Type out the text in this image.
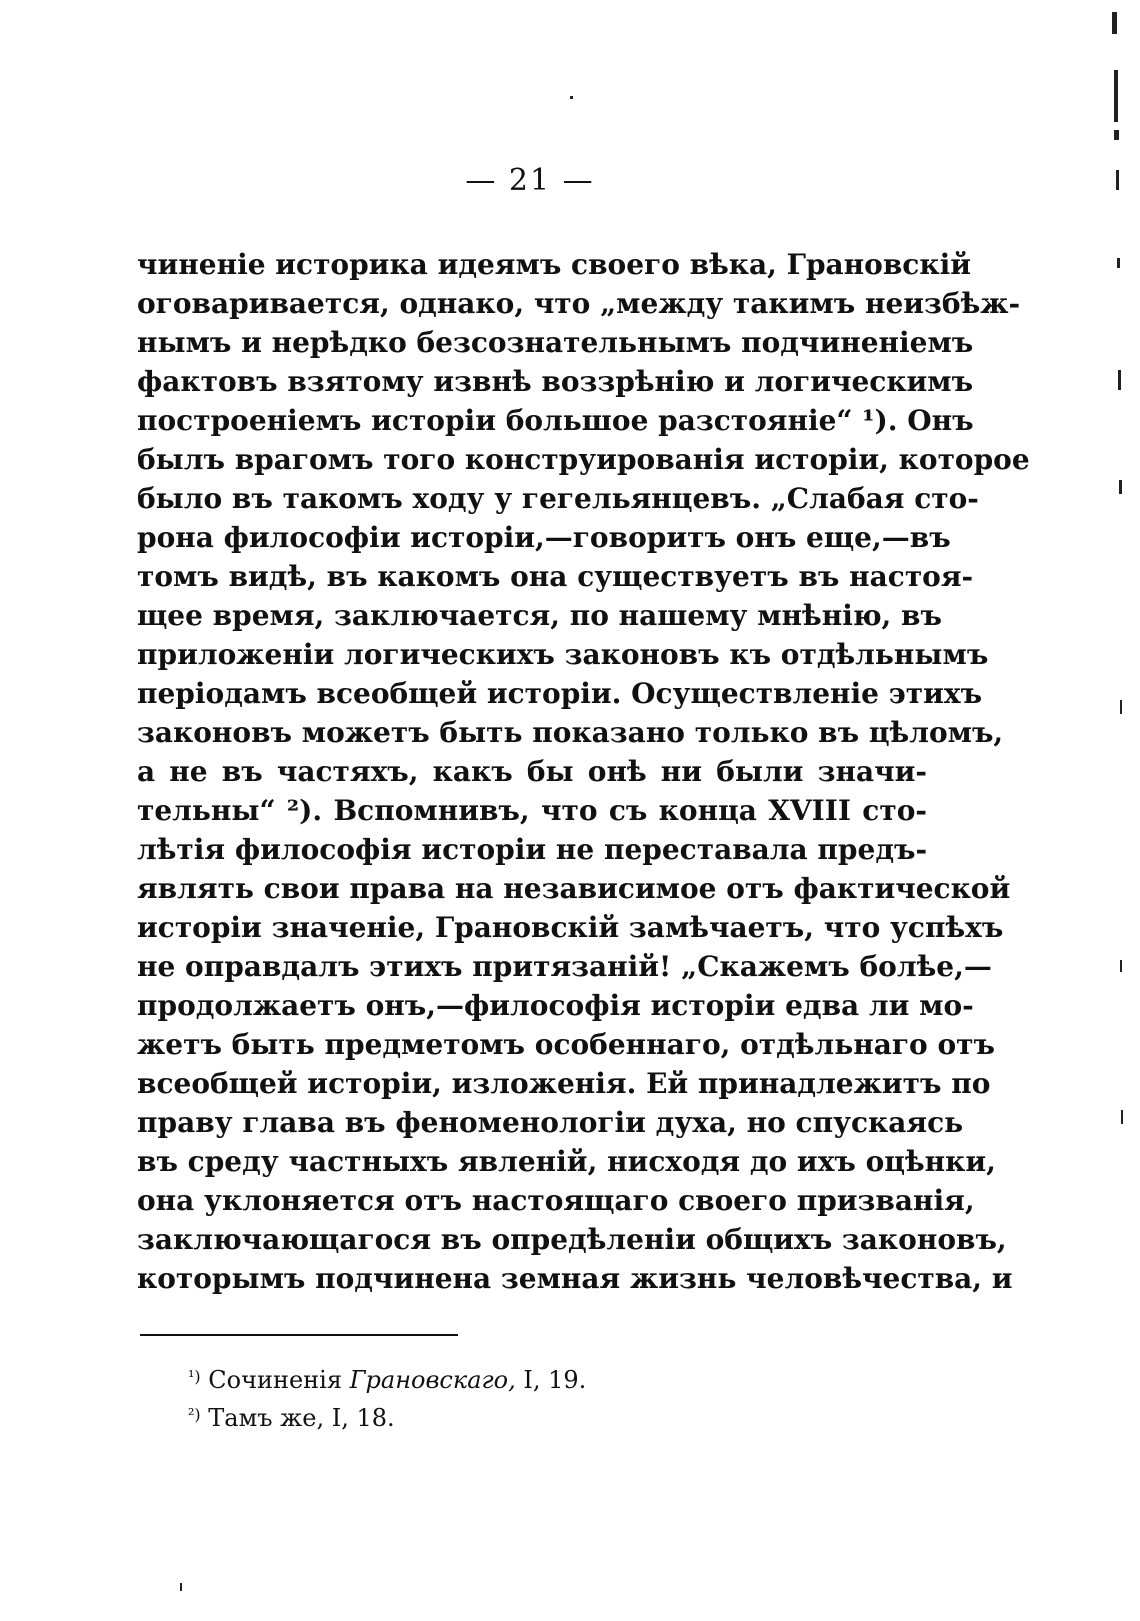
— 21 —
чиненіе историка идеямъ своего вѣка, Грановскій
оговаривается, однако, что „между такимъ неизбѣж-
нымъ и нерѣдко безсознательнымъ подчиненіемъ
фактовъ взятому извнѣ воззрѣнію и логическимъ
построеніемъ исторіи большое разстояніе“ ¹). Онъ
былъ врагомъ того конструированія исторіи, которое
было въ такомъ ходу у гегельянцевъ. „Слабая сто-
рона философіи исторіи,—говоритъ онъ еще,—въ
томъ видѣ, въ какомъ она существуетъ въ настоя-
щее время, заключается, по нашему мнѣнію, въ
приложеніи логическихъ законовъ къ отдѣльнымъ
періодамъ всеобщей исторіи. Осуществленіе этихъ
законовъ можетъ быть показано только въ цѣломъ,
а не въ частяхъ, какъ бы онѣ ни были значи-
тельны“ ²). Вспомнивъ, что съ конца XVIII сто-
лѣтія философія исторіи не переставала предъ-
являть свои права на независимое отъ фактической
исторіи значеніе, Грановскій замѣчаетъ, что успѣхъ
не оправдалъ этихъ притязаній! „Скажемъ болѣе,—
продолжаетъ онъ,—философія исторіи едва ли мо-
жетъ быть предметомъ особеннаго, отдѣльнаго отъ
всеобщей исторіи, изложенія. Ей принадлежитъ по
праву глава въ феноменологіи духа, но спускаясь
въ среду частныхъ явленій, нисходя до ихъ оцѣнки,
она уклоняется отъ настоящаго своего призванія,
заключающагося въ опредѣленіи общихъ законовъ,
которымъ подчинена земная жизнь человѣчества, и
$^{^1)}$ Сочиненія Грановскаго, I, 19.
$^{^2)}$ Тамъ же, I, 18.
